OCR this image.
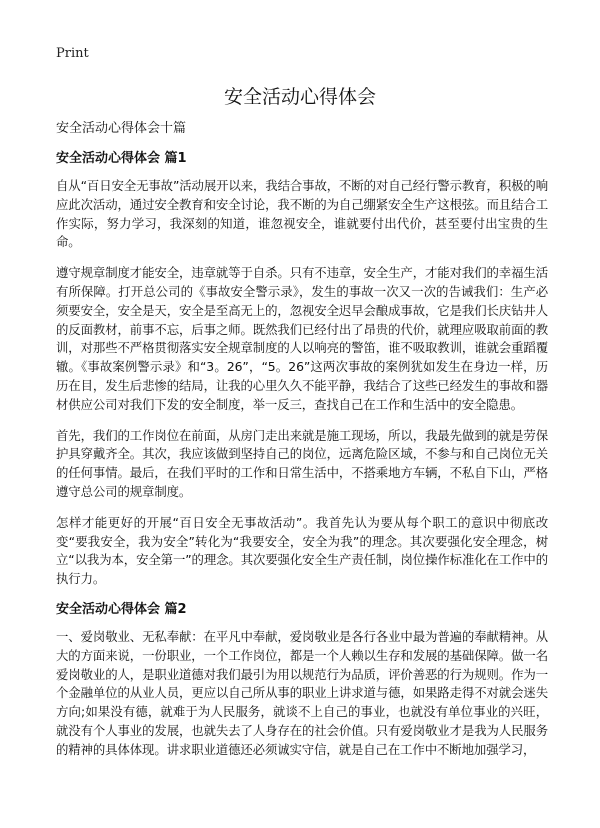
Print
安全活动心得体会

安全活动心得体会十篇

安全活动心得体会 篇1

自从“百日安全无事故”活动展开以来，我结合事故，不断的对自己经行警示教育，积极的响应此次活动，通过安全教育和安全讨论，我不断的为自己绷紧安全生产这根弦。而且结合工作实际，努力学习，我深刻的知道，谁忽视安全，谁就要付出代价，甚至要付出宝贵的生命。

遵守规章制度才能安全，违章就等于自杀。只有不违章，安全生产，才能对我们的幸福生活有所保障。打开总公司的《事故安全警示录》，发生的事故一次又一次的告诫我们：生产必须要安全，安全是天，安全是至高无上的，忽视安全迟早会酿成事故，它是我们长庆钻井人的反面教材，前事不忘，后事之师。既然我们已经付出了昂贵的代价，就理应吸取前面的教训，对那些不严格贯彻落实安全规章制度的人以响亮的警笛，谁不吸取教训，谁就会重蹈覆辙。《事故案例警示录》和“3。26”，“5。26”这两次事故的案例犹如发生在身边一样，历历在目，发生后悲惨的结局，让我的心里久久不能平静，我结合了这些已经发生的事故和器材供应公司对我们下发的安全制度，举一反三，查找自己在工作和生活中的安全隐患。

首先，我们的工作岗位在前面，从房门走出来就是施工现场，所以，我最先做到的就是劳保护具穿戴齐全。其次，我应该做到坚持自己的岗位，远离危险区域，不参与和自己岗位无关的任何事情。最后，在我们平时的工作和日常生活中，不搭乘地方车辆，不私自下山，严格遵守总公司的规章制度。

怎样才能更好的开展“百日安全无事故活动”。我首先认为要从每个职工的意识中彻底改变“要我安全，我为安全”转化为“我要安全，安全为我”的理念。其次要强化安全理念，树立“以我为本，安全第一”的理念。其次要强化安全生产责任制，岗位操作标准化在工作中的执行力。

安全活动心得体会 篇2

一、爱岗敬业、无私奉献：在平凡中奉献，爱岗敬业是各行各业中最为普遍的奉献精神。从大的方面来说，一份职业，一个工作岗位，都是一个人赖以生存和发展的基础保障。做一名爱岗敬业的人，是职业道德对我们最引为用以规范行为品质，评价善恶的行为规则。作为一个金融单位的从业人员，更应以自己所从事的职业上讲求道与德，如果路走得不对就会迷失方向;如果没有德，就难于为人民服务，就谈不上自己的事业，也就没有单位事业的兴旺，就没有个人事业的发展，也就失去了人身存在的社会价值。只有爱岗敬业才是我为人民服务的精神的具体体现。讲求职业道德还必须诚实守信，就是自己在工作中不断地加强学习，
